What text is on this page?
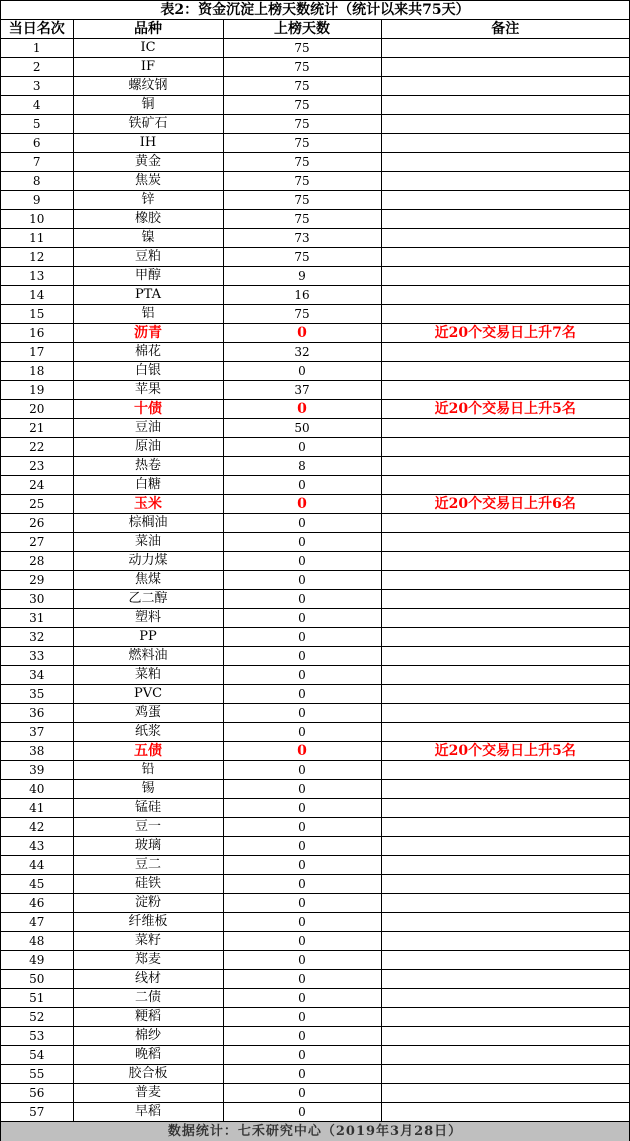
表2：资金沉淀上榜天数统计（统计以来共75天）			
当日名次	品种	上榜天数	备注
1	IC	75	
2	IF	75	
3	螺纹钢	75	
4	铜	75	
5	铁矿石	75	
6	IH	75	
7	黄金	75	
8	焦炭	75	
9	锌	75	
10	橡胶	75	
11	镍	73	
12	豆粕	75	
13	甲醇	9	
14	PTA	16	
15	铝	75	
16	沥青	0	近20个交易日上升7名
17	棉花	32	
18	白银	0	
19	苹果	37	
20	十债	0	近20个交易日上升5名
21	豆油	50	
22	原油	0	
23	热卷	8	
24	白糖	0	
25	玉米	0	近20个交易日上升6名
26	棕榈油	0	
27	菜油	0	
28	动力煤	0	
29	焦煤	0	
30	乙二醇	0	
31	塑料	0	
32	PP	0	
33	燃料油	0	
34	菜粕	0	
35	PVC	0	
36	鸡蛋	0	
37	纸浆	0	
38	五债	0	近20个交易日上升5名
39	铅	0	
40	锡	0	
41	锰硅	0	
42	豆一	0	
43	玻璃	0	
44	豆二	0	
45	硅铁	0	
46	淀粉	0	
47	纤维板	0	
48	菜籽	0	
49	郑麦	0	
50	线材	0	
51	二债	0	
52	粳稻	0	
53	棉纱	0	
54	晚稻	0	
55	胶合板	0	
56	普麦	0	
57	早稻	0	
数据统计：七禾研究中心（2019年3月28日）			
